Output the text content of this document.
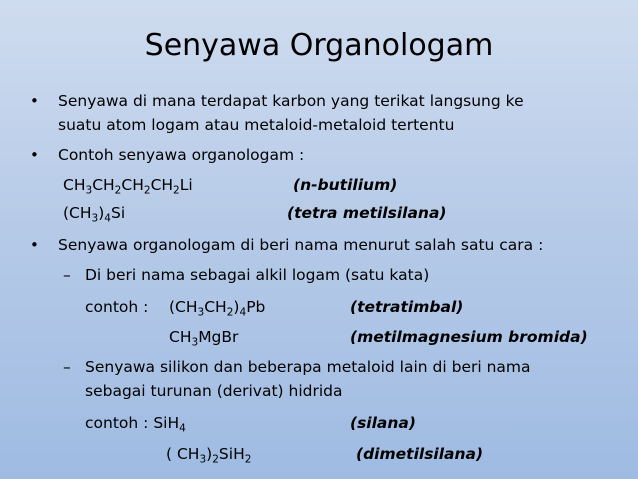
Senyawa Organologam
• Senyawa di mana terdapat karbon yang terikat langsung ke
suatu atom logam atau metaloid-metaloid tertentu
• Contoh senyawa organologam :
$CH_3CH_2CH_2CH_2Li$	(n-butilium)
$(CH_3)_4Si$	(tetra metilsilana)
• Senyawa organologam di beri nama menurut salah satu cara :
– Di beri nama sebagai alkil logam (satu kata)
contoh : $(CH_3CH_2)_4Pb$	(tetratimbal)
$CH_3MgBr$	(metilmagnesium bromida)
– Senyawa silikon dan beberapa metaloid lain di beri nama
sebagai turunan (derivat) hidrida
contoh : SiH$_4$	(silana)
( $CH_3)_2SiH_2$	(dimetilsilana)
